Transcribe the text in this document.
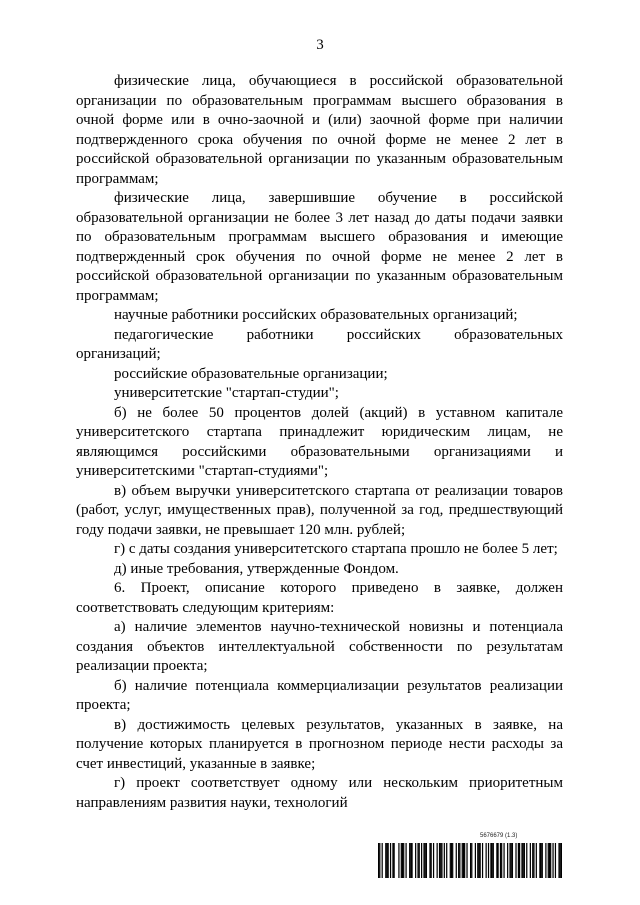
3

физические лица, обучающиеся в российской образовательной организации по образовательным программам высшего образования в очной форме или в очно-заочной и (или) заочной форме при наличии подтвержденного срока обучения по очной форме не менее 2 лет в российской образовательной организации по указанным образовательным программам;

физические лица, завершившие обучение в российской образовательной организации не более 3 лет назад до даты подачи заявки по образовательным программам высшего образования и имеющие подтвержденный срок обучения по очной форме не менее 2 лет в российской образовательной организации по указанным образовательным программам;

научные работники российских образовательных организаций;

педагогические работники российских образовательных организаций;

российские образовательные организации;

университетские "стартап-студии";

б) не более 50 процентов долей (акций) в уставном капитале университетского стартапа принадлежит юридическим лицам, не являющимся российскими образовательными организациями и университетскими "стартап-студиями";

в) объем выручки университетского стартапа от реализации товаров (работ, услуг, имущественных прав), полученной за год, предшествующий году подачи заявки, не превышает 120 млн. рублей;

г) с даты создания университетского стартапа прошло не более 5 лет;

д) иные требования, утвержденные Фондом.

6. Проект, описание которого приведено в заявке, должен соответствовать следующим критериям:

а) наличие элементов научно-технической новизны и потенциала создания объектов интеллектуальной собственности по результатам реализации проекта;

б) наличие потенциала коммерциализации результатов реализации проекта;

в) достижимость целевых результатов, указанных в заявке, на получение которых планируется в прогнозном периоде нести расходы за счет инвестиций, указанные в заявке;

г) проект соответствует одному или нескольким приоритетным направлениям развития науки, технологий

5676679 (1.3)
